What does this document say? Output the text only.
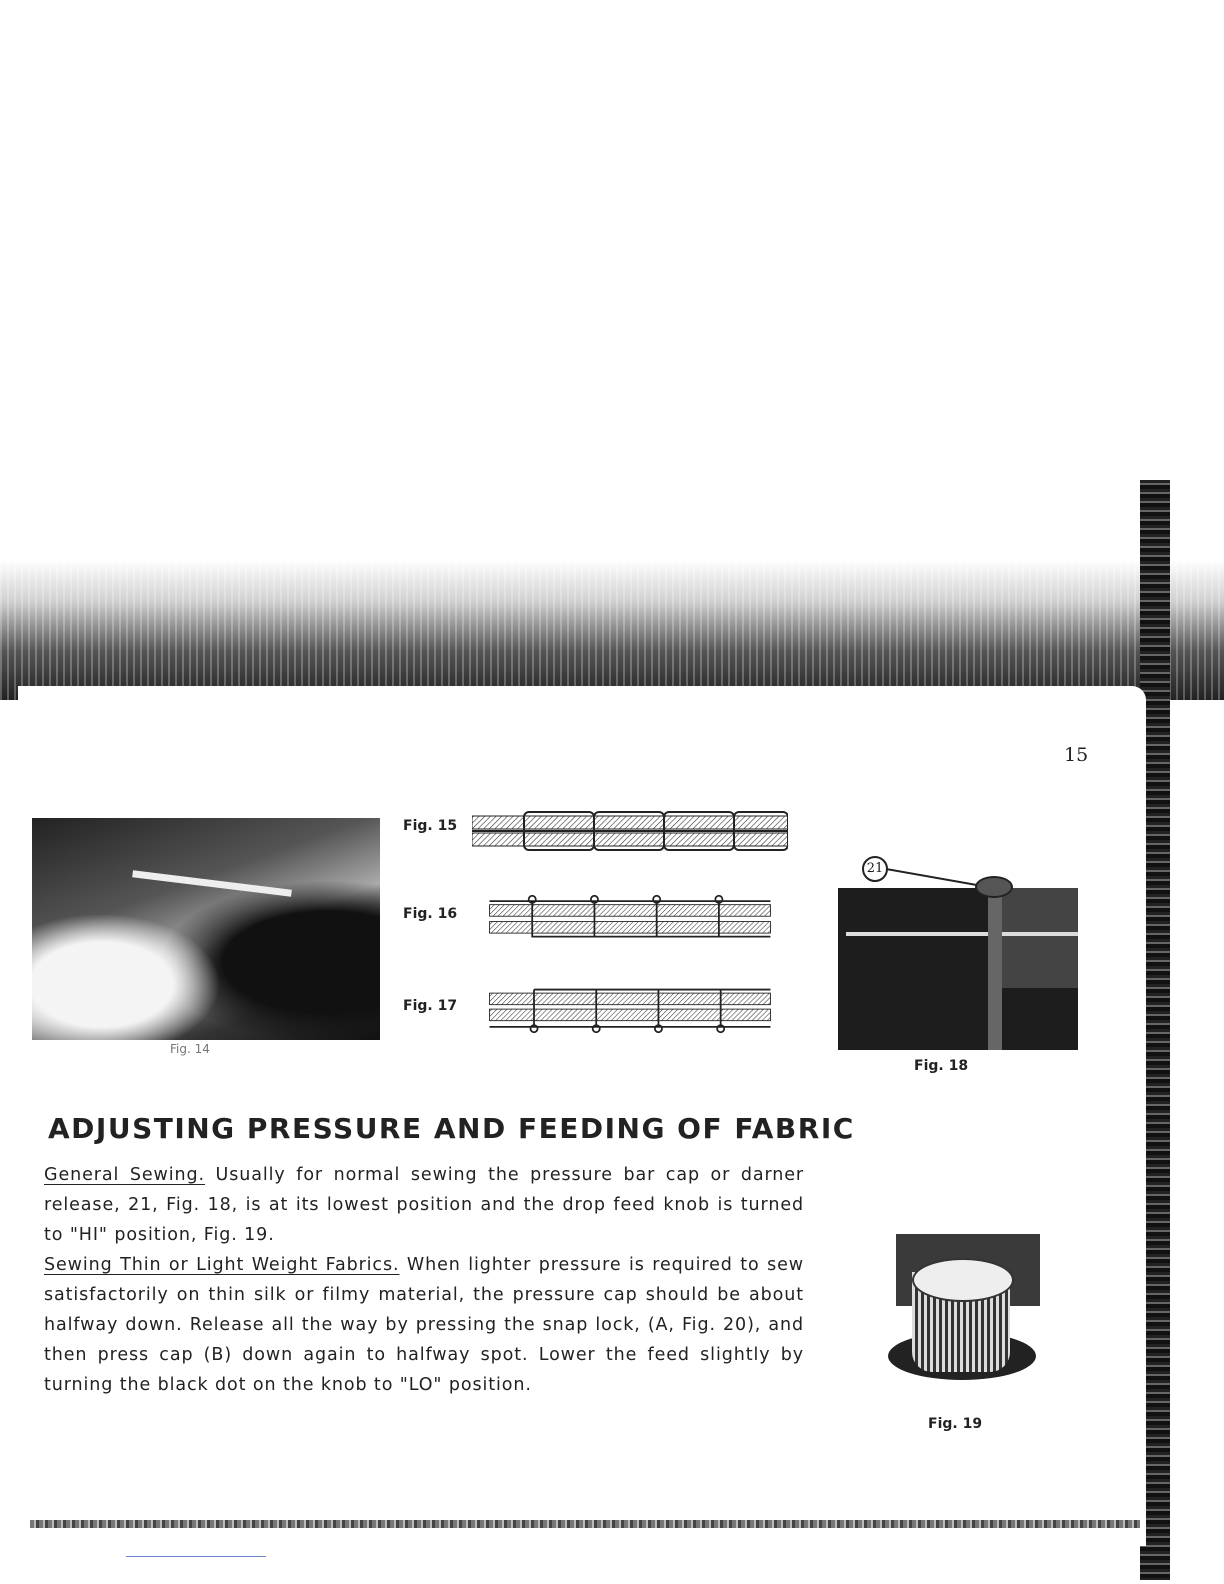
15
Fig. 14
Fig. 15
Fig. 16
Fig. 17
21
Fig. 18
ADJUSTING PRESSURE AND FEEDING OF FABRIC
General Sewing. Usually for normal sewing the pressure bar cap or darner release, 21, Fig. 18, is at its lowest position and the drop feed knob is turned to "HI" position, Fig. 19.
Sewing Thin or Light Weight Fabrics. When lighter pressure is required to sew satisfactorily on thin silk or filmy material, the pressure cap should be about halfway down. Release all the way by pressing the snap lock, (A, Fig. 20), and then press cap (B) down again to halfway spot. Lower the feed slightly by turning the black dot on the knob to "LO" position.
Fig. 19
